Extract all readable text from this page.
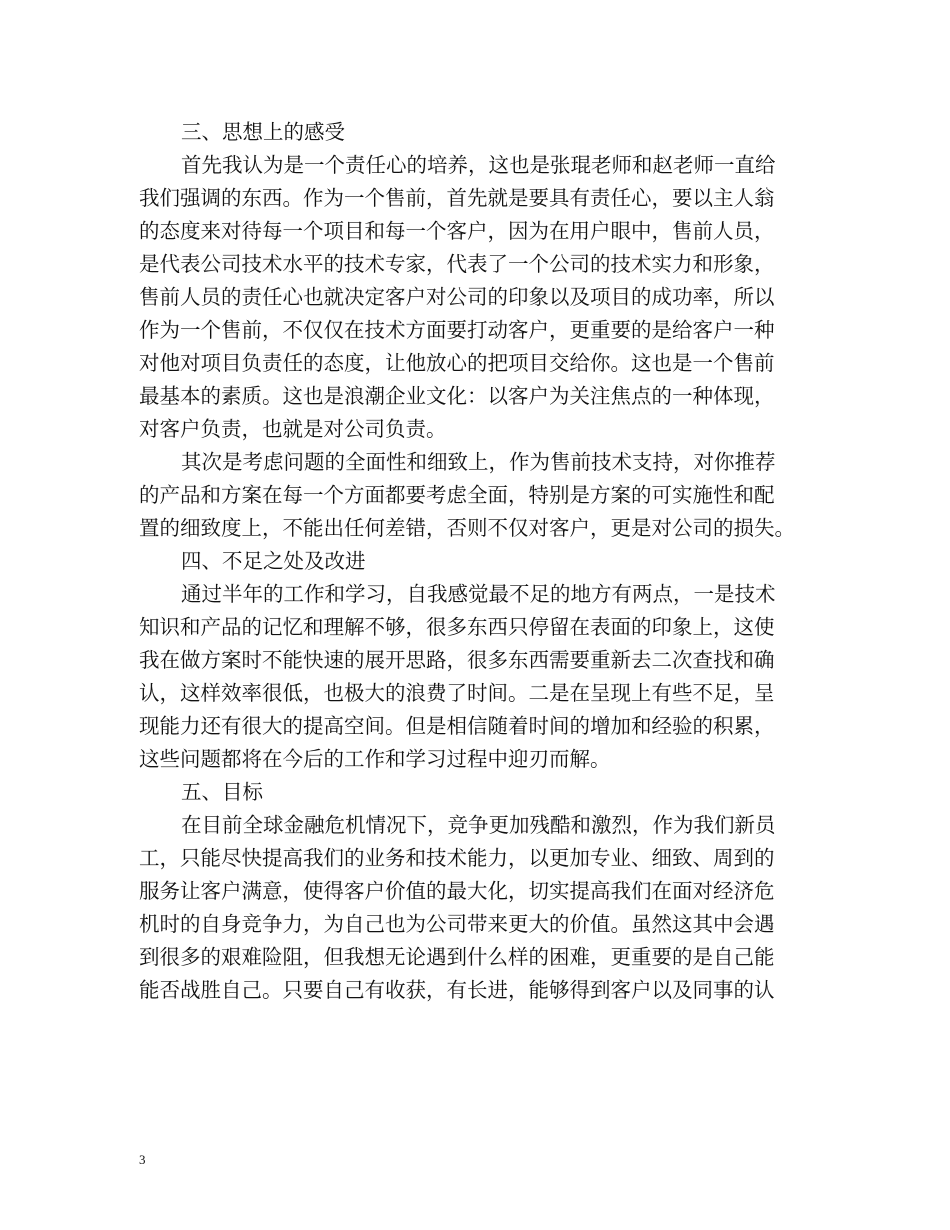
三、思想上的感受
首先我认为是一个责任心的培养，这也是张琨老师和赵老师一直给
我们强调的东西。作为一个售前，首先就是要具有责任心，要以主人翁
的态度来对待每一个项目和每一个客户，因为在用户眼中，售前人员，
是代表公司技术水平的技术专家，代表了一个公司的技术实力和形象，
售前人员的责任心也就决定客户对公司的印象以及项目的成功率，所以
作为一个售前，不仅仅在技术方面要打动客户，更重要的是给客户一种
对他对项目负责任的态度，让他放心的把项目交给你。这也是一个售前
最基本的素质。这也是浪潮企业文化：以客户为关注焦点的一种体现，
对客户负责，也就是对公司负责。
其次是考虑问题的全面性和细致上，作为售前技术支持，对你推荐
的产品和方案在每一个方面都要考虑全面，特别是方案的可实施性和配
置的细致度上，不能出任何差错，否则不仅对客户，更是对公司的损失。
四、不足之处及改进
通过半年的工作和学习，自我感觉最不足的地方有两点，一是技术
知识和产品的记忆和理解不够，很多东西只停留在表面的印象上，这使
我在做方案时不能快速的展开思路，很多东西需要重新去二次查找和确
认，这样效率很低，也极大的浪费了时间。二是在呈现上有些不足，呈
现能力还有很大的提高空间。但是相信随着时间的增加和经验的积累，
这些问题都将在今后的工作和学习过程中迎刃而解。
五、目标
在目前全球金融危机情况下，竞争更加残酷和激烈，作为我们新员
工，只能尽快提高我们的业务和技术能力，以更加专业、细致、周到的
服务让客户满意，使得客户价值的最大化，切实提高我们在面对经济危
机时的自身竞争力，为自己也为公司带来更大的价值。虽然这其中会遇
到很多的艰难险阻，但我想无论遇到什么样的困难，更重要的是自己能
能否战胜自己。只要自己有收获，有长进，能够得到客户以及同事的认
3
